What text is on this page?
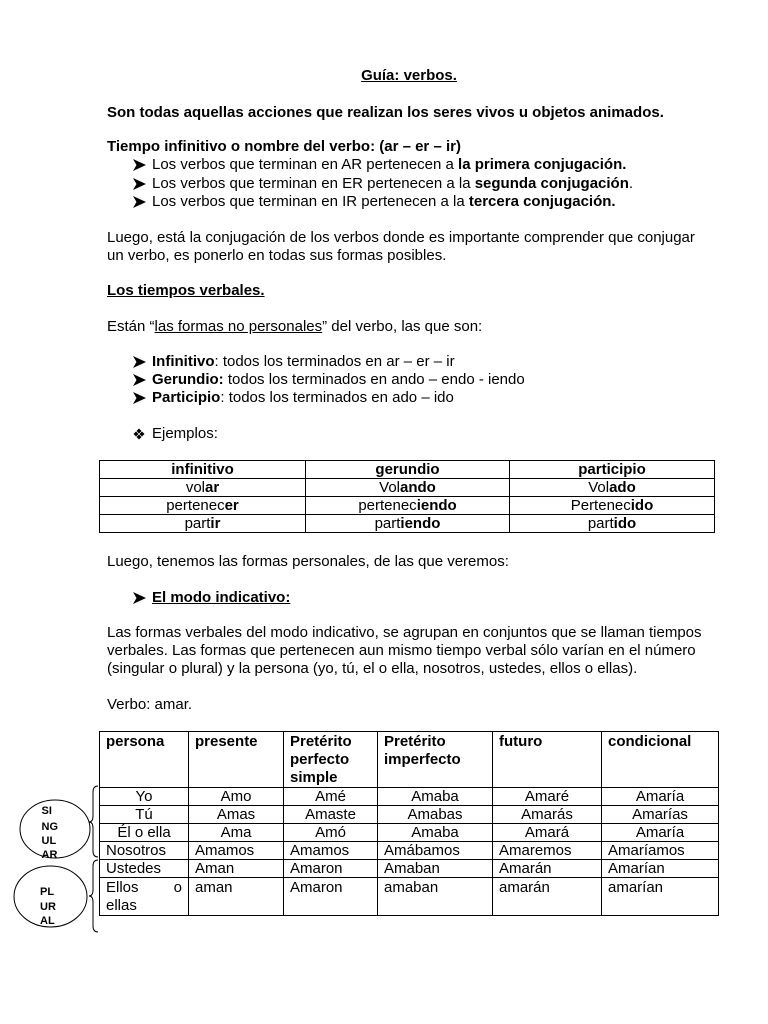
Guía: verbos.
Son todas aquellas acciones que realizan los seres vivos u objetos animados.
Tiempo infinitivo o nombre del verbo: (ar – er – ir)
Los verbos que terminan en AR pertenecen a la primera conjugación.
Los verbos que terminan en ER pertenecen a la segunda conjugación.
Los verbos que terminan en IR pertenecen a la tercera conjugación.
Luego, está la conjugación de los verbos donde es importante comprender que conjugar
un verbo, es ponerlo en todas sus formas posibles.
Los tiempos verbales.
Están “las formas no personales” del verbo, las que son:
Infinitivo: todos los terminados en ar – er – ir
Gerundio: todos los terminados en ando – endo - iendo
Participio: todos los terminados en ado – ido
Ejemplos:
infinitivo	gerundio	participio
volar	Volando	Volado
pertenecer	perteneciendo	Pertenecido
partir	partiendo	partido
Luego, tenemos las formas personales, de las que veremos:
El modo indicativo:
Las formas verbales del modo indicativo, se agrupan en conjuntos que se llaman tiempos
verbales. Las formas que pertenecen aun mismo tiempo verbal sólo varían en el número
(singular o plural) y la persona (yo, tú, el o ella, nosotros, ustedes, ellos o ellas).
Verbo: amar.
persona	presente	Pretérito perfecto simple	Pretérito imperfecto	futuro	condicional
Yo	Amo	Amé	Amaba	Amaré	Amaría
Tú	Amas	Amaste	Amabas	Amarás	Amarías
Él o ella	Ama	Amó	Amaba	Amará	Amaría
Nosotros	Amamos	Amamos	Amábamos	Amaremos	Amaríamos
Ustedes	Aman	Amaron	Amaban	Amarán	Amarían

Ellos o ellas	aman	Amaron	amaban	amarán	amarían
SI
NG
UL
AR
PL
UR
AL
